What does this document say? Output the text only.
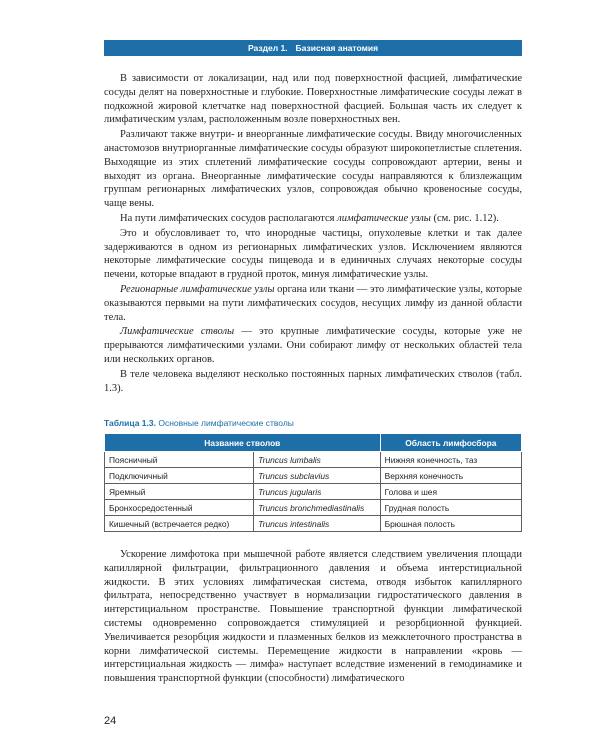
Раздел 1. Базисная анатомия

В зависимости от локализации, над или под поверхностной фасцией, лимфатические сосуды делят на поверхностные и глубокие. Поверхностные лимфатические сосуды лежат в подкожной жировой клетчатке над поверхностной фасцией. Большая часть их следует к лимфатическим узлам, расположенным возле поверхностных вен.

Различают также внутри- и внеорганные лимфатические сосуды. Ввиду многочисленных анастомозов внутриорганные лимфатические сосуды образуют широкопетлистые сплетения. Выходящие из этих сплетений лимфатические сосуды сопровождают артерии, вены и выходят из органа. Внеорганные лимфатические сосуды направляются к близлежащим группам регионарных лимфатических узлов, сопровождая обычно кровеносные сосуды, чаще вены.

На пути лимфатических сосудов располагаются лимфатические узлы (см. рис. 1.12).

Это и обусловливает то, что инородные частицы, опухолевые клетки и так далее задерживаются в одном из регионарных лимфатических узлов. Исключением являются некоторые лимфатические сосуды пищевода и в единичных случаях некоторые сосуды печени, которые впадают в грудной проток, минуя лимфатические узлы.

Регионарные лимфатические узлы органа или ткани — это лимфатические узлы, которые оказываются первыми на пути лимфатических сосудов, несущих лимфу из данной области тела.

Лимфатические стволы — это крупные лимфатические сосуды, которые уже не прерываются лимфатическими узлами. Они собирают лимфу от нескольких областей тела или нескольких органов.

В теле человека выделяют несколько постоянных парных лимфатических стволов (табл. 1.3).

Таблица 1.3. Основные лимфатические стволы
Название стволов		Область лимфосбора
Поясничный	Truncus lumbalis	Нижняя конечность, таз
Подключичный	Truncus subclavius	Верхняя конечность
Яремный	Truncus jugularis	Голова и шея
Бронхосредостенный	Truncus bronchmediastinalis	Грудная полость
Кишечный (встречается редко)	Truncus intestinalis	Брюшная полость

Ускорение лимфотока при мышечной работе является следствием увеличения площади капиллярной фильтрации, фильтрационного давления и объема интерстициальной жидкости. В этих условиях лимфатическая система, отводя избыток капиллярного фильтрата, непосредственно участвует в нормализации гидростатического давления в интерстициальном пространстве. Повышение транспортной функции лимфатической системы одновременно сопровождается стимуляцией и резорбционной функцией. Увеличивается резорбция жидкости и плазменных белков из межклеточного пространства в корни лимфатической системы. Перемещение жидкости в направлении «кровь — интерстициальная жидкость — лимфа» наступает вследствие изменений в гемодинамике и повышения транспортной функции (способности) лимфатического

24
